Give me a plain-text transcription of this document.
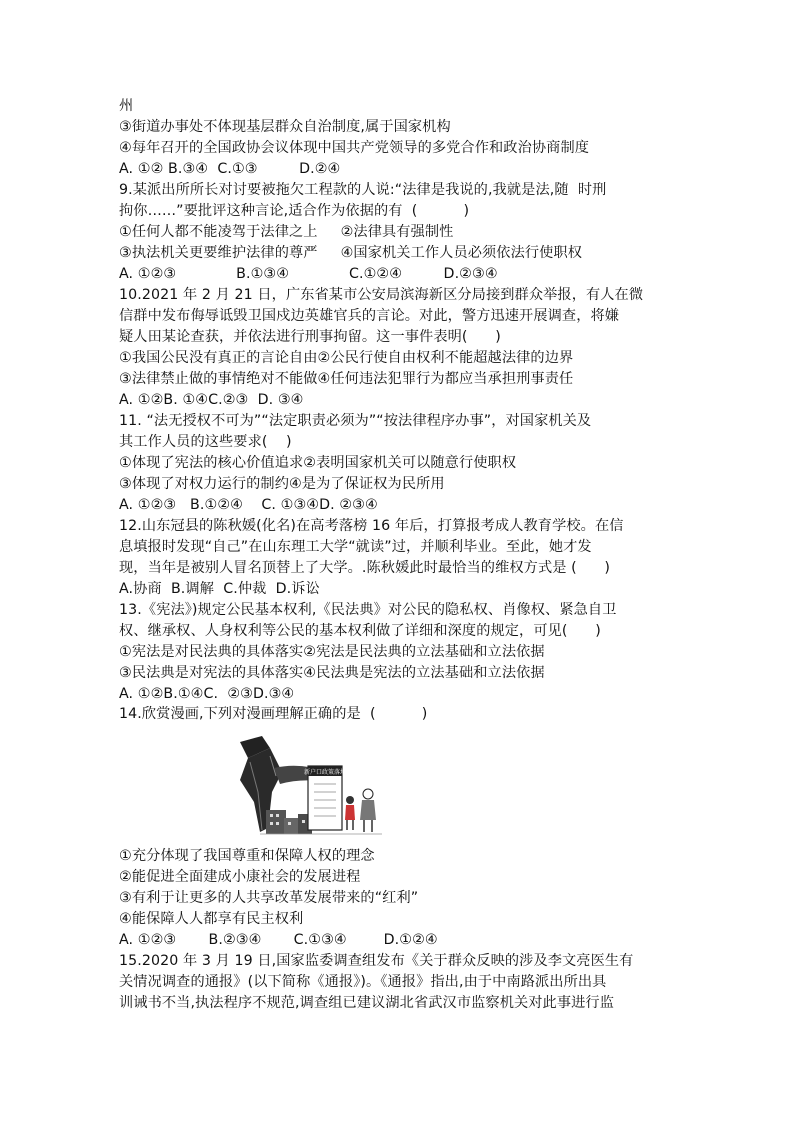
州
③街道办事处不体现基层群众自治制度,属于国家机构
④每年召开的全国政协会议体现中国共产党领导的多党合作和政治协商制度
A. ①② B.③④  C.①③         D.②④
9.某派出所所长对讨要被拖欠工程款的人说:“法律是我说的,我就是法,随  时刑
拘你……”要批评这种言论,适合作为依据的有  (          )
①任何人都不能凌驾于法律之上     ②法律具有强制性
③执法机关更要维护法律的尊严     ④国家机关工作人员必须依法行使职权
A. ①②③             B.①③④             C.①②④         D.②③④
10.2021 年 2 月 21 日，广东省某市公安局滨海新区分局接到群众举报，有人在微
信群中发布侮辱诋毁卫国戍边英雄官兵的言论。对此，警方迅速开展调查，将嫌
疑人田某论查获，并依法进行刑事拘留。这一事件表明(      )
①我国公民没有真正的言论自由②公民行使自由权利不能超越法律的边界
③法律禁止做的事情绝对不能做④任何违法犯罪行为都应当承担刑事责任
A. ①②B. ①④C.②③  D. ③④
11. “法无授权不可为”“法定职责必须为”“按法律程序办事”，对国家机关及
其工作人员的这些要求(    )
①体现了宪法的核心价值追求②表明国家机关可以随意行使职权
③体现了对权力运行的制约④是为了保证权为民所用
A. ①②③   B.①②④    C. ①③④D. ②③④
12.山东冠县的陈秋媛(化名)在高考落榜 16 年后，打算报考成人教育学校。在信
息填报时发现“自己”在山东理工大学“就读”过，并顺利毕业。至此，她才发
现，当年是被别人冒名顶替上了大学。.陈秋媛此时最恰当的维权方式是 (      )
A.协商  B.调解  C.仲裁  D.诉讼
13.《宪法》)规定公民基本权利,《民法典》对公民的隐私权、肖像权、紧急自卫
权、继承权、人身权利等公民的基本权利做了详细和深度的规定，可见(      )
①宪法是对民法典的具体落实②宪法是民法典的立法基础和立法依据
③民法典是对宪法的具体落实④民法典是宪法的立法基础和立法依据
A. ①②B.①④C.  ②③D.③④
14.欣赏漫画,下列对漫画理解正确的是  (          )
新户口政策落地
①充分体现了我国尊重和保障人权的理念
②能促进全面建成小康社会的发展进程
③有利于让更多的人共享改革发展带来的“红利”
④能保障人人都享有民主权利
A. ①②③       B.②③④       C.①③④        D.①②④
15.2020 年 3 月 19 日,国家监委调查组发布《关于群众反映的涉及李文亮医生有
关情况调查的通报》(以下简称《通报》)。《通报》指出,由于中南路派出所出具
训诫书不当,执法程序不规范,调查组已建议湖北省武汉市监察机关对此事进行监
